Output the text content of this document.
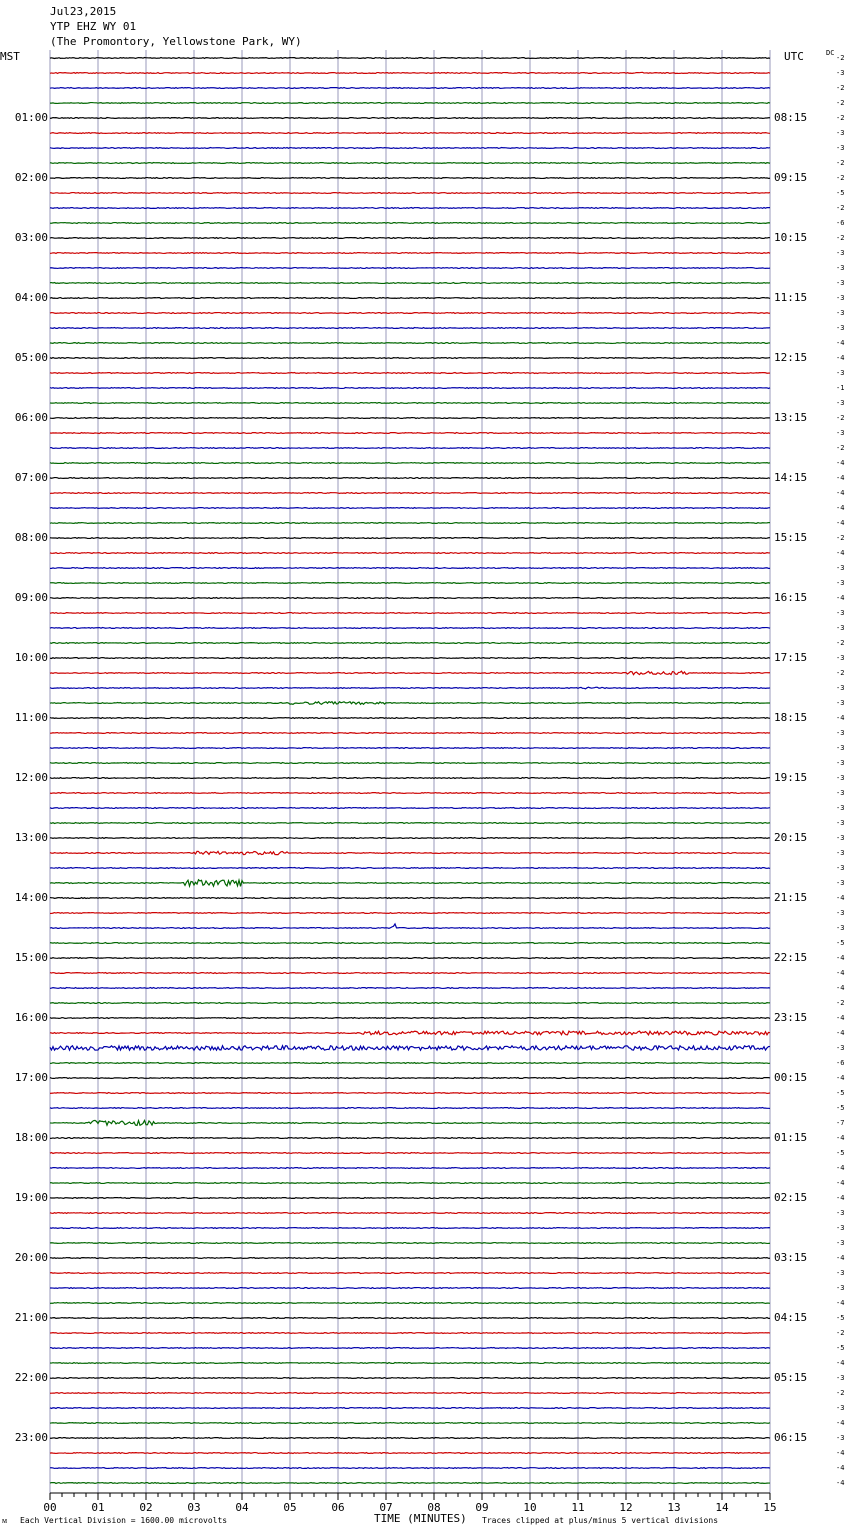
Jul23,2015
YTP EHZ WY 01
(The Promontory, Yellowstone Park, WY)
MST	UTC	DC
00	01	02	03	04	05	06	07	08	09	10	11	12	13	14	15
01:00
02:00
03:00
04:00
05:00
06:00
07:00
08:00
09:00
10:00
11:00
12:00
13:00
14:00
15:00
16:00
17:00
18:00
19:00
20:00
21:00
22:00
23:00
08:15
09:15
10:15
11:15
12:15
13:15
14:15
15:15
16:15
17:15
18:15
19:15
20:15
21:15
22:15
23:15
00:15
01:15
02:15
03:15
04:15
05:15
06:15
-2
-3
-2
-2
-2
-3
-3
-2
-2
-5
-2
-6
-2
-3
-3
-3
-3
-3
-3
-4
-4
-3
-1
-3
-2
-3
-2
-4
-4
-4
-4
-4
-2
-4
-3
-3
-4
-3
-3
-2
-3
-2
-3
-3
-4
-3
-3
-3
-3
-3
-3
-3
-3
-3
-3
-3
-4
-3
-3
-5
-4
-4
-4
-2
-4
-4
-3
-6
-4
-5
-5
-7
-4
-5
-4
-4
-4
-3
-3
-3
-4
-3
-3
-4
-5
-2
-5
-4
-3
-2
-3
-4
-3
-4
-4
-4
ᴍ Each Vertical Division = 1600.00 microvolts	TIME (MINUTES) Traces clipped at plus/minus 5 vertical divisions
